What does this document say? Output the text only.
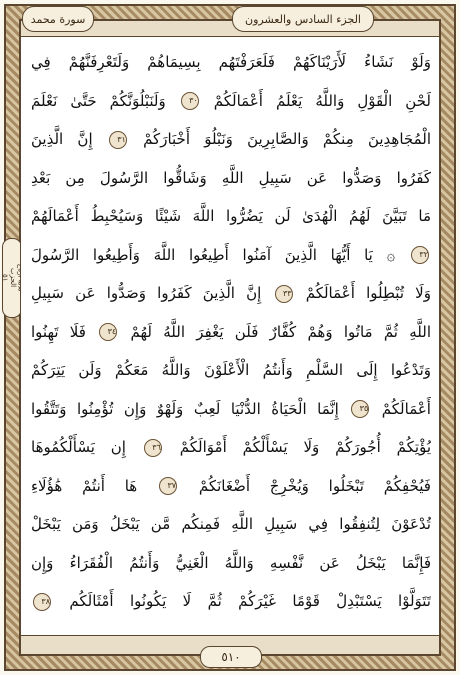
الجزء السادس والعشرون
سورة محمد
الحزب
٥١
وَلَوْ نَشَاءُ لَأَرَيْنَاكَهُمْ فَلَعَرَفْتَهُم بِسِيمَاهُمْ وَلَتَعْرِفَنَّهُمْ فِي
لَحْنِ الْقَوْلِ وَاللَّهُ يَعْلَمُ أَعْمَالَكُمْ ٣٠ وَلَنَبْلُوَنَّكُمْ حَتَّىٰ نَعْلَمَ
الْمُجَاهِدِينَ مِنكُمْ وَالصَّابِرِينَ وَنَبْلُوَ أَخْبَارَكُمْ ٣١ إِنَّ الَّذِينَ
كَفَرُوا وَصَدُّوا عَن سَبِيلِ اللَّهِ وَشَاقُّوا الرَّسُولَ مِن بَعْدِ
مَا تَبَيَّنَ لَهُمُ الْهُدَىٰ لَن يَضُرُّوا اللَّهَ شَيْئًا وَسَيُحْبِطُ أَعْمَالَهُمْ
٣٢ ۞ يَا أَيُّهَا الَّذِينَ آمَنُوا أَطِيعُوا اللَّهَ وَأَطِيعُوا الرَّسُولَ
وَلَا تُبْطِلُوا أَعْمَالَكُمْ ٣٣ إِنَّ الَّذِينَ كَفَرُوا وَصَدُّوا عَن سَبِيلِ
اللَّهِ ثُمَّ مَاتُوا وَهُمْ كُفَّارٌ فَلَن يَغْفِرَ اللَّهُ لَهُمْ ٣٤ فَلَا تَهِنُوا
وَتَدْعُوا إِلَى السَّلْمِ وَأَنتُمُ الْأَعْلَوْنَ وَاللَّهُ مَعَكُمْ وَلَن يَتِرَكُمْ
أَعْمَالَكُمْ ٣٥ إِنَّمَا الْحَيَاةُ الدُّنْيَا لَعِبٌ وَلَهْوٌ وَإِن تُؤْمِنُوا وَتَتَّقُوا
يُؤْتِكُمْ أُجُورَكُمْ وَلَا يَسْأَلْكُمْ أَمْوَالَكُمْ ٣٦ إِن يَسْأَلْكُمُوهَا
فَيُحْفِكُمْ تَبْخَلُوا وَيُخْرِجْ أَضْغَانَكُمْ ٣٧ هَا أَنتُمْ هَٰؤُلَاءِ
تُدْعَوْنَ لِتُنفِقُوا فِي سَبِيلِ اللَّهِ فَمِنكُم مَّن يَبْخَلُ وَمَن يَبْخَلْ
فَإِنَّمَا يَبْخَلُ عَن نَّفْسِهِ وَاللَّهُ الْغَنِيُّ وَأَنتُمُ الْفُقَرَاءُ وَإِن
تَتَوَلَّوْا يَسْتَبْدِلْ قَوْمًا غَيْرَكُمْ ثُمَّ لَا يَكُونُوا أَمْثَالَكُم ٣٨
٥١٠
